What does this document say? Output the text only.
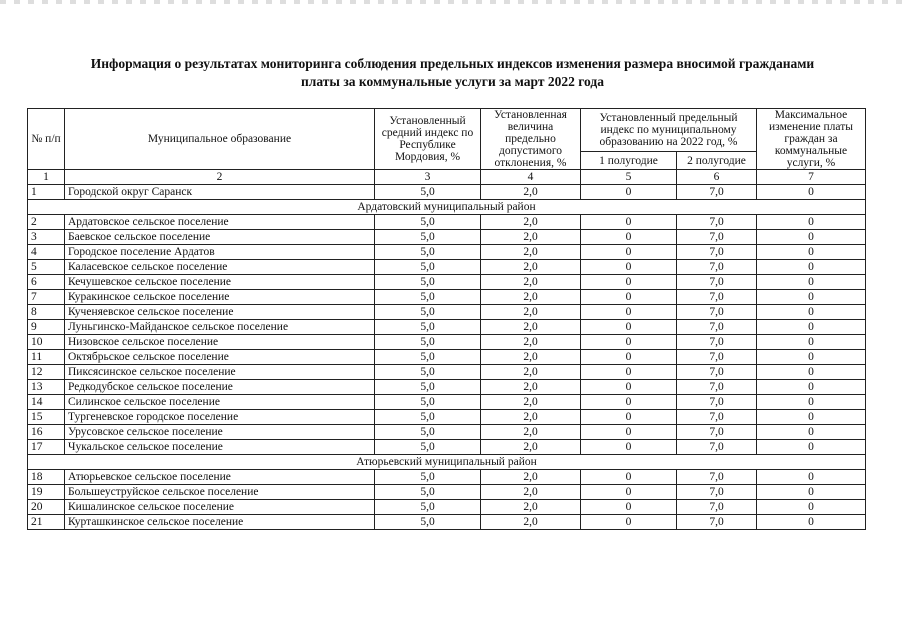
Информация о результатах мониторинга соблюдения предельных индексов изменения размера вносимой гражданами
платы за коммунальные услуги за март 2022 года
№ п/п	Муниципальное образование	Установленный средний индекс по Республике Мордовия, %	Установленная величина предельно допустимого отклонения, %	Установленный предельный индекс по муниципальному образованию на 2022 год, %		Максимальное изменение платы граждан за коммунальные услуги, %
				1 полугодие	2 полугодие	
1	2	3	4	5	6	7
1	Городской округ Саранск	5,0	2,0	0	7,0	0
Ардатовский муниципальный район						
2	Ардатовское сельское поселение	5,0	2,0	0	7,0	0
3	Баевское сельское поселение	5,0	2,0	0	7,0	0
4	Городское поселение Ардатов	5,0	2,0	0	7,0	0
5	Каласевское сельское поселение	5,0	2,0	0	7,0	0
6	Кечушевское сельское поселение	5,0	2,0	0	7,0	0
7	Куракинское сельское поселение	5,0	2,0	0	7,0	0
8	Кученяевское сельское поселение	5,0	2,0	0	7,0	0
9	Луньгинско-Майданское сельское поселение	5,0	2,0	0	7,0	0
10	Низовское сельское поселение	5,0	2,0	0	7,0	0
11	Октябрьское сельское поселение	5,0	2,0	0	7,0	0
12	Пиксясинское сельское поселение	5,0	2,0	0	7,0	0
13	Редкодубское сельское поселение	5,0	2,0	0	7,0	0
14	Силинское сельское поселение	5,0	2,0	0	7,0	0
15	Тургеневское городское поселение	5,0	2,0	0	7,0	0
16	Урусовское сельское поселение	5,0	2,0	0	7,0	0
17	Чукальское сельское поселение	5,0	2,0	0	7,0	0
Атюрьевский муниципальный район						
18	Атюрьевское сельское поселение	5,0	2,0	0	7,0	0
19	Большеуструйское сельское поселение	5,0	2,0	0	7,0	0
20	Кишалинское сельское поселение	5,0	2,0	0	7,0	0
21	Курташкинское сельское поселение	5,0	2,0	0	7,0	0
